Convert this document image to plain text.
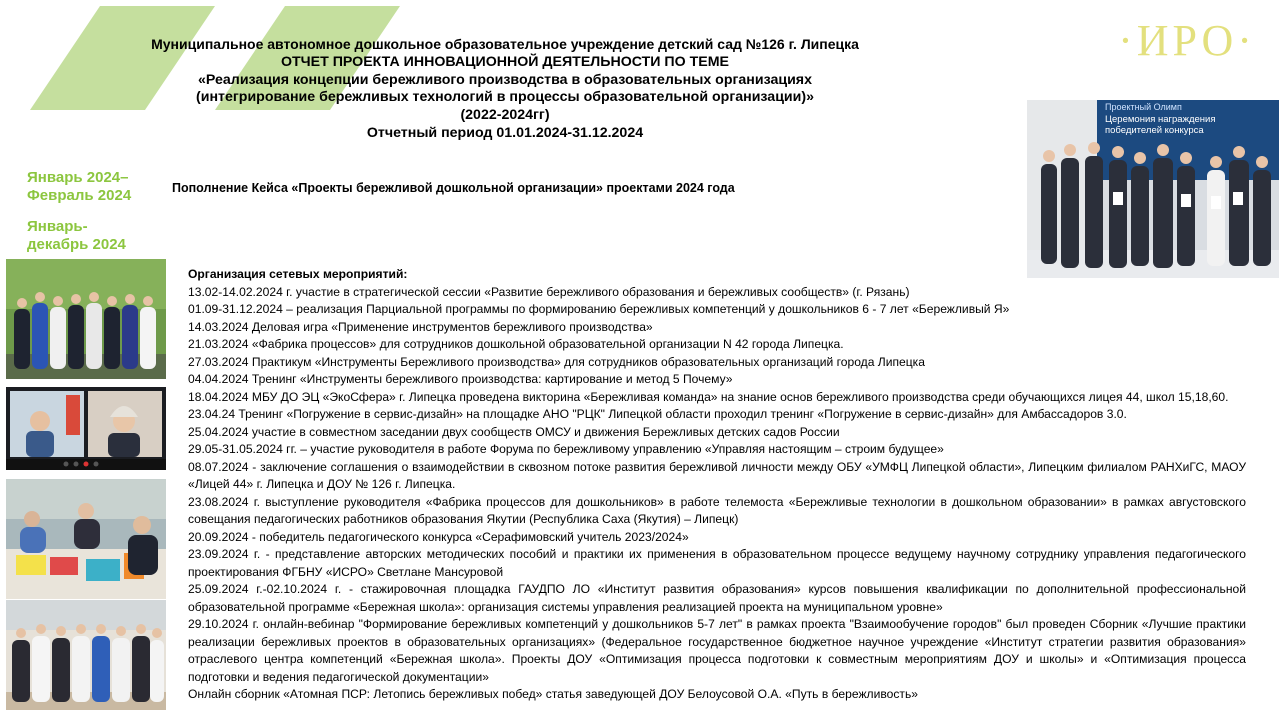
·ИРО·
Муниципальное автономное дошкольное образовательное учреждение детский сад №126 г. Липецка
ОТЧЕТ ПРОЕКТА ИННОВАЦИОННОЙ ДЕЯТЕЛЬНОСТИ ПО ТЕМЕ
«Реализация концепции бережливого производства в образовательных организациях
(интегрирование бережливых технологий в процессы образовательной организации)»
(2022-2024гг)
Отчетный период 01.01.2024-31.12.2024
Январь 2024–
Февраль 2024
Январь-
декабрь 2024
Пополнение Кейса «Проекты бережливой дошкольной организации» проектами 2024 года
Проектный Олимп
Церемония награждения
победителей конкурса
Организация сетевых мероприятий:
13.02-14.02.2024 г. участие в стратегической сессии «Развитие бережливого образования и бережливых сообществ» (г. Рязань)
01.09-31.12.2024 – реализация Парциальной программы по формированию бережливых компетенций у дошкольников 6 - 7 лет «Бережливый Я»
14.03.2024 Деловая игра «Применение инструментов бережливого производства»
21.03.2024 «Фабрика процессов» для сотрудников дошкольной образовательной организации N 42 города Липецка.
27.03.2024 Практикум «Инструменты Бережливого производства» для сотрудников образовательных организаций города Липецка
04.04.2024 Тренинг «Инструменты бережливого производства: картирование и метод 5 Почему»
18.04.2024 МБУ ДО ЭЦ «ЭкоСфера» г. Липецка проведена викторина «Бережливая команда» на знание основ бережливого производства среди обучающихся лицея 44, школ 15,18,60.
23.04.24 Тренинг «Погружение в сервис-дизайн» на площадке АНО "РЦК" Липецкой области проходил тренинг «Погружение в сервис-дизайн» для Амбассадоров 3.0.
25.04.2024 участие в совместном заседании двух сообществ ОМСУ и движения Бережливых детских садов России
29.05-31.05.2024 гг. – участие руководителя в работе Форума по бережливому управлению «Управляя настоящим – строим будущее»
08.07.2024 - заключение соглашения о взаимодействии в сквозном потоке развития бережливой личности между ОБУ «УМФЦ Липецкой области», Липецким филиалом РАНХиГС, МАОУ «Лицей 44» г. Липецка и ДОУ № 126 г. Липецка.
23.08.2024 г. выступление руководителя «Фабрика процессов для дошкольников» в работе телемоста «Бережливые технологии в дошкольном образовании» в рамках августовского совещания педагогических работников образования Якутии (Республика Саха (Якутия) – Липецк)
20.09.2024 - победитель педагогического конкурса «Серафимовский учитель 2023/2024»
23.09.2024 г. - представление авторских методических пособий и практики их применения в образовательном процессе ведущему научному сотруднику управления педагогического проектирования ФГБНУ «ИСРО» Светлане Мансуровой
25.09.2024 г.-02.10.2024 г. - стажировочная площадка ГАУДПО ЛО «Институт развития образования» курсов повышения квалификации по дополнительной профессиональной образовательной программе «Бережная школа»: организация системы управления реализацией проекта на муниципальном уровне»
29.10.2024 г. онлайн-вебинар "Формирование бережливых компетенций у дошкольников 5-7 лет" в рамках проекта "Взаимообучение городов" был проведен Сборник «Лучшие практики реализации бережливых проектов в образовательных организациях» (Федеральное государственное бюджетное научное учреждение «Институт стратегии развития образования» отраслевого центра компетенций «Бережная школа». Проекты ДОУ «Оптимизация процесса подготовки к совместным мероприятиям ДОУ и школы» и «Оптимизация процесса подготовки и ведения педагогической документации»
Онлайн сборник «Атомная ПСР: Летопись бережливых побед» статья заведующей ДОУ Белоусовой О.А. «Путь в бережливость»
